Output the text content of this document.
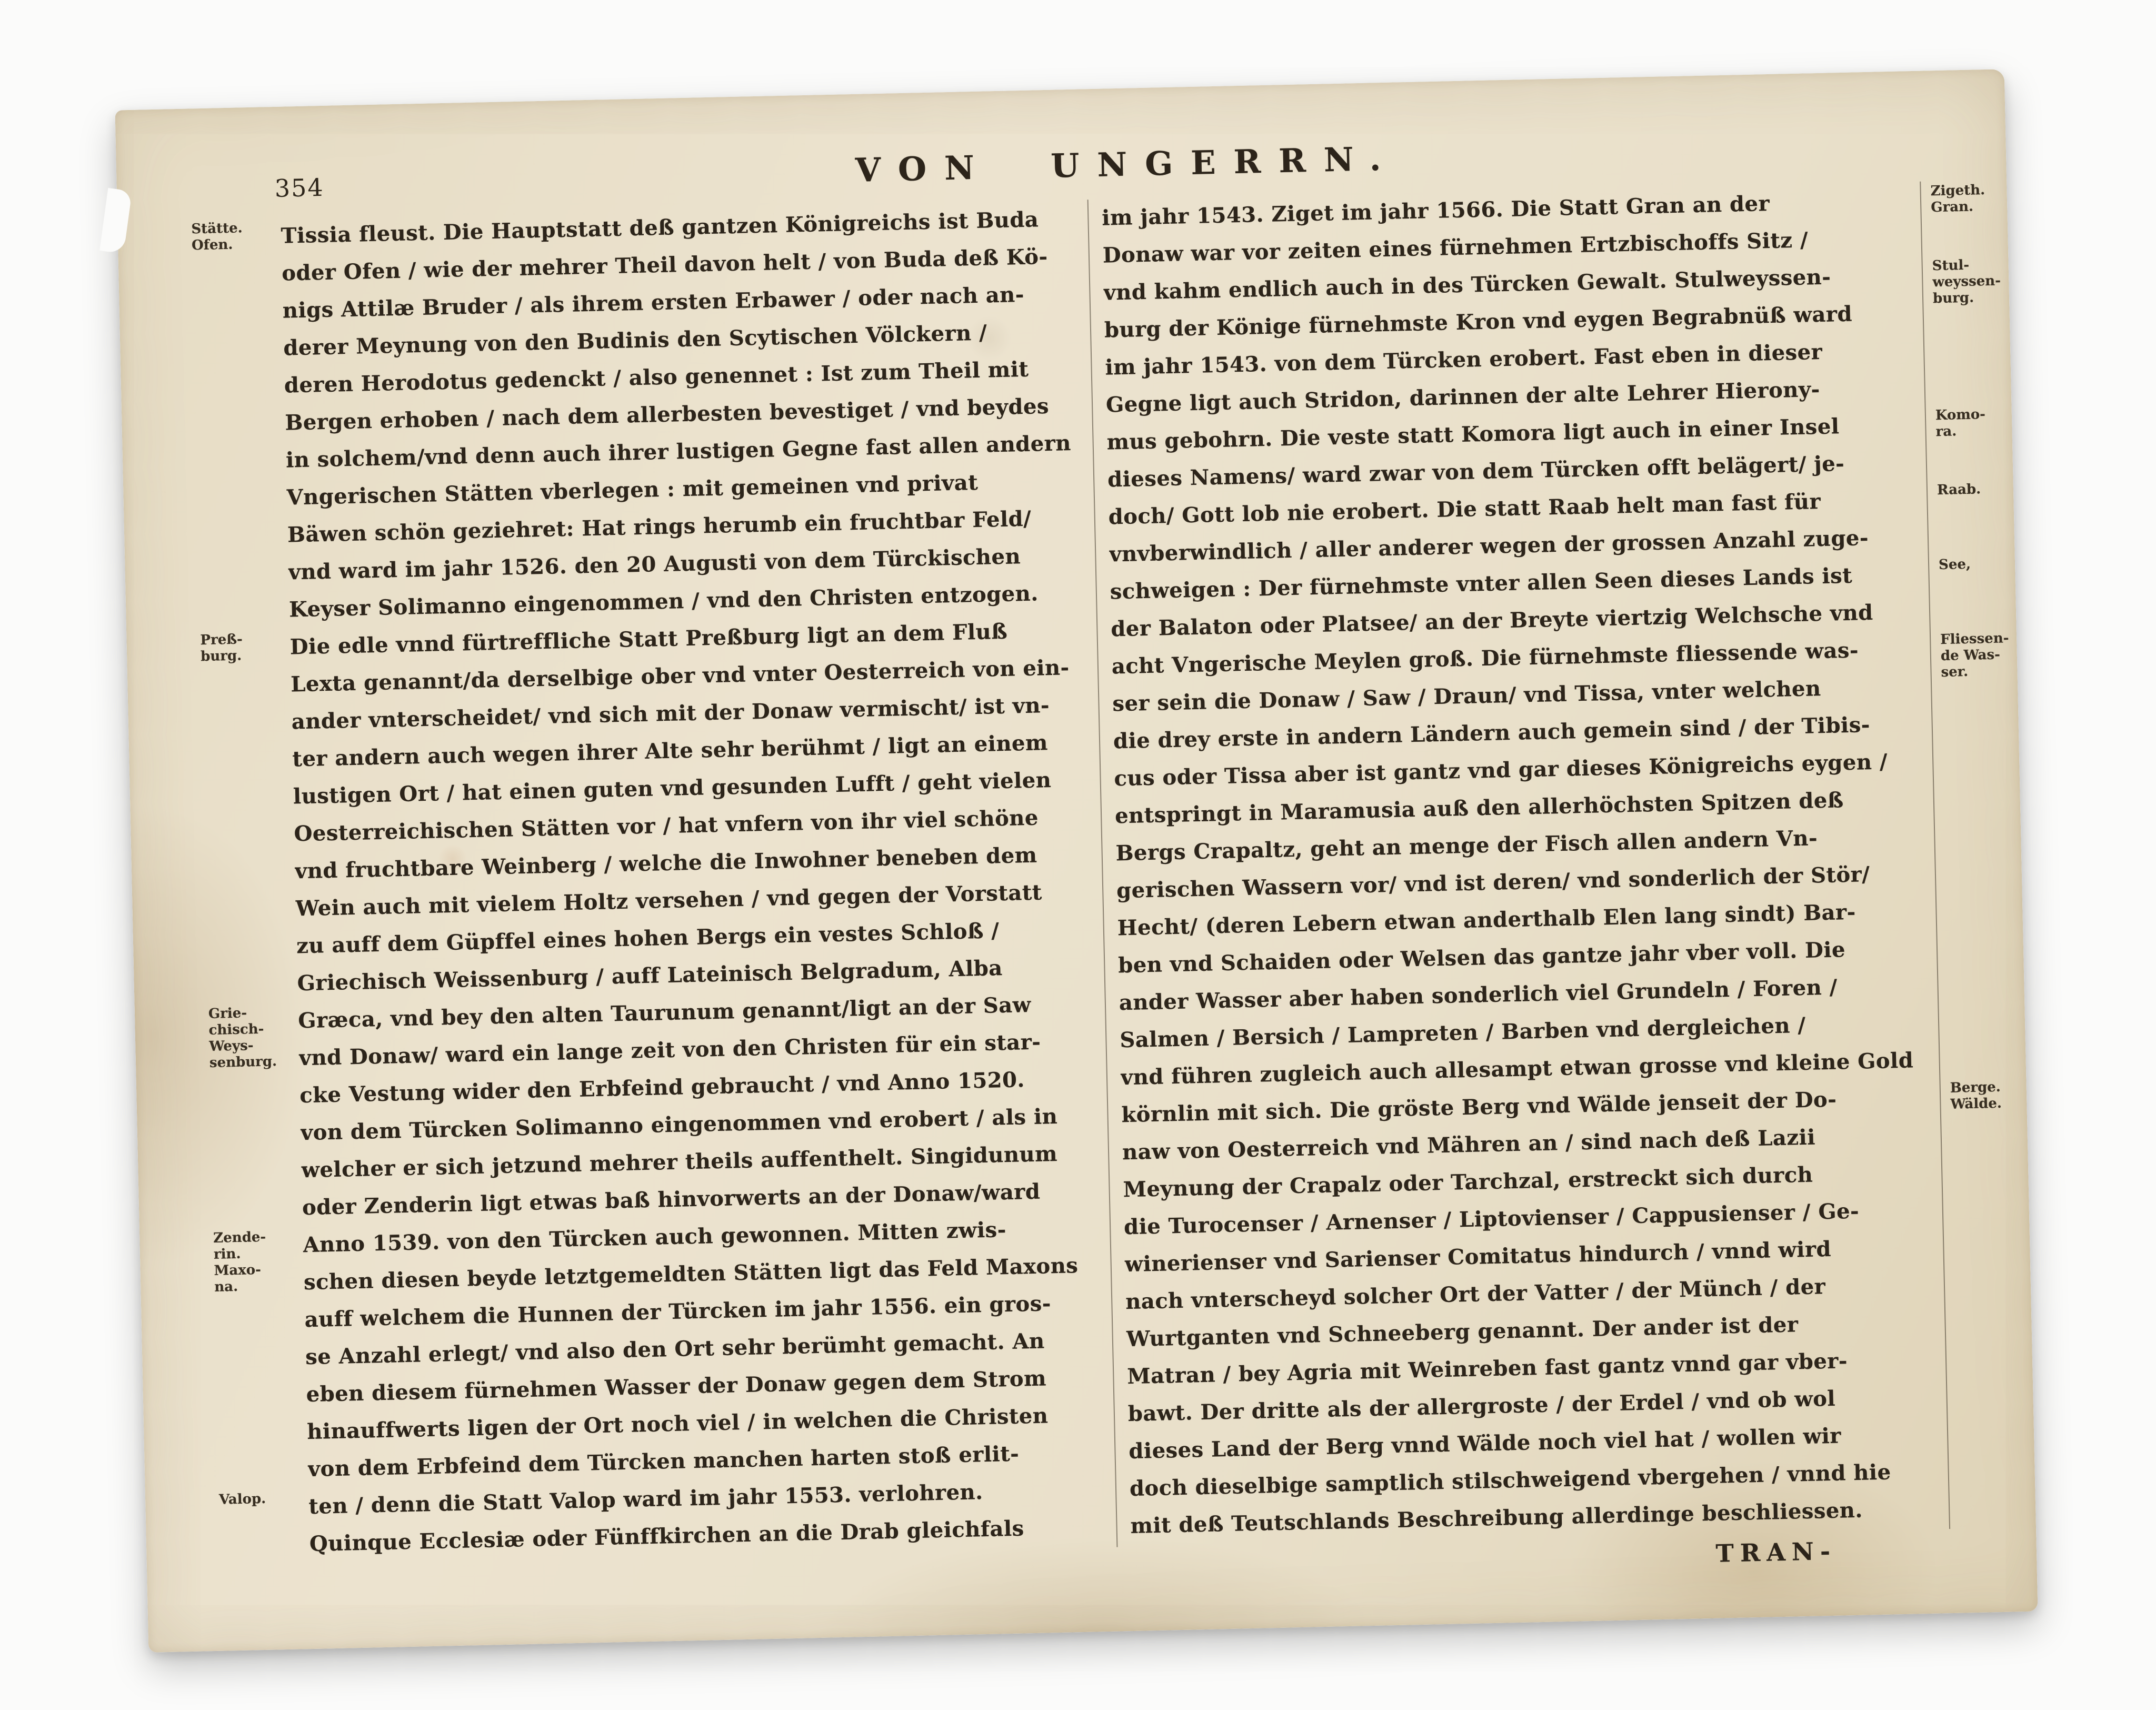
354	VON UNGERRN.
Stätte.
Ofen.
Preß-
burg.
Grie-
chisch-
Weys-
senburg.
Zende-
rin.
Maxo-
na.
Valop.
Tissia fleust. Die Hauptstatt deß gantzen Königreichs ist Buda
oder Ofen / wie der mehrer Theil davon helt / von Buda deß Kö-
nigs Attilæ Bruder / als ihrem ersten Erbawer / oder nach an-
derer Meynung von den Budinis den Scytischen Völckern /
deren Herodotus gedenckt / also genennet : Ist zum Theil mit
Bergen erhoben / nach dem allerbesten bevestiget / vnd beydes
in solchem/vnd denn auch ihrer lustigen Gegne fast allen andern
Vngerischen Stätten vberlegen : mit gemeinen vnd privat
Bäwen schön geziehret: Hat rings herumb ein fruchtbar Feld/
vnd ward im jahr 1526. den 20 Augusti von dem Türckischen
Keyser Solimanno eingenommen / vnd den Christen entzogen.
Die edle vnnd fürtreffliche Statt Preßburg ligt an dem Fluß
Lexta genannt/da derselbige ober vnd vnter Oesterreich von ein-
ander vnterscheidet/ vnd sich mit der Donaw vermischt/ ist vn-
ter andern auch wegen ihrer Alte sehr berühmt / ligt an einem
lustigen Ort / hat einen guten vnd gesunden Lufft / geht vielen
Oesterreichischen Stätten vor / hat vnfern von ihr viel schöne
vnd fruchtbare Weinberg / welche die Inwohner beneben dem
Wein auch mit vielem Holtz versehen / vnd gegen der Vorstatt
zu auff dem Güpffel eines hohen Bergs ein vestes Schloß /
Griechisch Weissenburg / auff Lateinisch Belgradum, Alba
Græca, vnd bey den alten Taurunum genannt/ligt an der Saw
vnd Donaw/ ward ein lange zeit von den Christen für ein star-
cke Vestung wider den Erbfeind gebraucht / vnd Anno 1520.
von dem Türcken Solimanno eingenommen vnd erobert / als in
welcher er sich jetzund mehrer theils auffenthelt. Singidunum
oder Zenderin ligt etwas baß hinvorwerts an der Donaw/ward
Anno 1539. von den Türcken auch gewonnen. Mitten zwis-
schen diesen beyde letztgemeldten Stätten ligt das Feld Maxons
auff welchem die Hunnen der Türcken im jahr 1556. ein gros-
se Anzahl erlegt/ vnd also den Ort sehr berümht gemacht. An
eben diesem fürnehmen Wasser der Donaw gegen dem Strom
hinauffwerts ligen der Ort noch viel / in welchen die Christen
von dem Erbfeind dem Türcken manchen harten stoß erlit-
ten / denn die Statt Valop ward im jahr 1553. verlohren.
Quinque Ecclesiæ oder Fünffkirchen an die Drab gleichfals
im jahr 1543. Ziget im jahr 1566. Die Statt Gran an der
Donaw war vor zeiten eines fürnehmen Ertzbischoffs Sitz /
vnd kahm endlich auch in des Türcken Gewalt. Stulweyssen-
burg der Könige fürnehmste Kron vnd eygen Begrabnüß ward
im jahr 1543. von dem Türcken erobert. Fast eben in dieser
Gegne ligt auch Stridon, darinnen der alte Lehrer Hierony-
mus gebohrn. Die veste statt Komora ligt auch in einer Insel
dieses Namens/ ward zwar von dem Türcken offt belägert/ je-
doch/ Gott lob nie erobert. Die statt Raab helt man fast für
vnvberwindlich / aller anderer wegen der grossen Anzahl zuge-
schweigen : Der fürnehmste vnter allen Seen dieses Lands ist
der Balaton oder Platsee/ an der Breyte viertzig Welchsche vnd
acht Vngerische Meylen groß. Die fürnehmste fliessende was-
ser sein die Donaw / Saw / Draun/ vnd Tissa, vnter welchen
die drey erste in andern Ländern auch gemein sind / der Tibis-
cus oder Tissa aber ist gantz vnd gar dieses Königreichs eygen /
entspringt in Maramusia auß den allerhöchsten Spitzen deß
Bergs Crapaltz, geht an menge der Fisch allen andern Vn-
gerischen Wassern vor/ vnd ist deren/ vnd sonderlich der Stör/
Hecht/ (deren Lebern etwan anderthalb Elen lang sindt) Bar-
ben vnd Schaiden oder Welsen das gantze jahr vber voll. Die
ander Wasser aber haben sonderlich viel Grundeln / Foren /
Salmen / Bersich / Lampreten / Barben vnd dergleichen /
vnd führen zugleich auch allesampt etwan grosse vnd kleine Gold
körnlin mit sich. Die gröste Berg vnd Wälde jenseit der Do-
naw von Oesterreich vnd Mähren an / sind nach deß Lazii
Meynung der Crapalz oder Tarchzal, erstreckt sich durch
die Turocenser / Arnenser / Liptovienser / Cappusienser / Ge-
winerienser vnd Sarienser Comitatus hindurch / vnnd wird
nach vnterscheyd solcher Ort der Vatter / der Münch / der
Wurtganten vnd Schneeberg genannt. Der ander ist der
Matran / bey Agria mit Weinreben fast gantz vnnd gar vber-
bawt. Der dritte als der allergroste / der Erdel / vnd ob wol
dieses Land der Berg vnnd Wälde noch viel hat / wollen wir
doch dieselbige samptlich stilschweigend vbergehen / vnnd hie
mit deß Teutschlands Beschreibung allerdinge beschliessen.
Zigeth.
Gran.
Stul-
weyssen-
burg.
Komo-
ra.
Raab.
See,
Fliessen-
de Was-
ser.
Berge.
Wälde.
TRAN-
